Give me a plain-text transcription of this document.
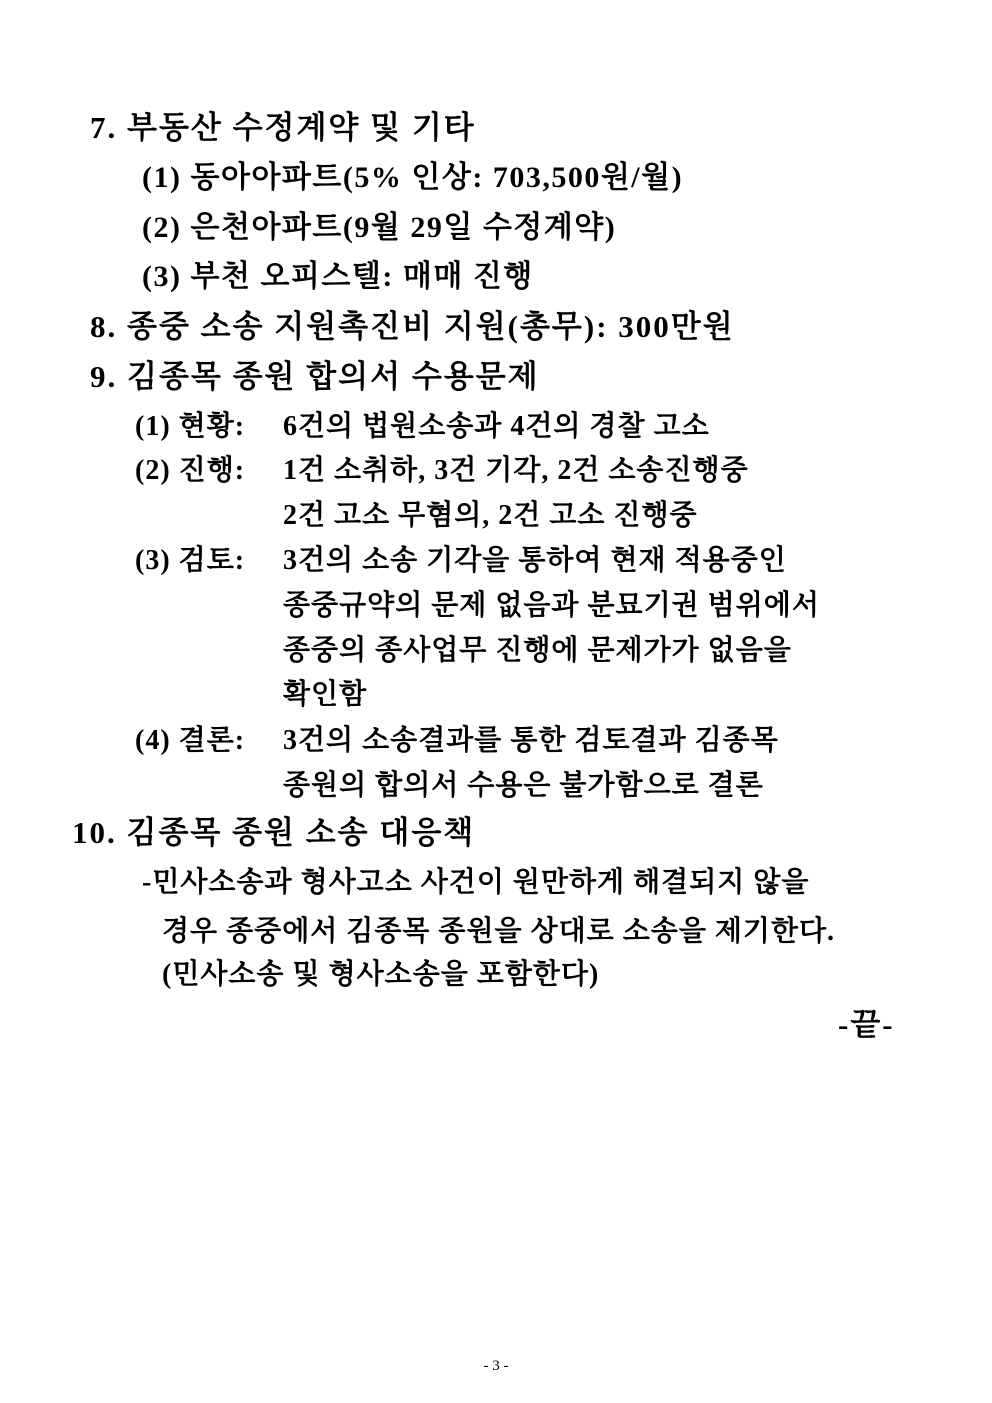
7. 부동산 수정계약 및 기타
(1) 동아아파트(5% 인상: 703,500원/월)
(2) 은천아파트(9월 29일 수정계약)
(3) 부천 오피스텔: 매매 진행
8. 종중 소송 지원촉진비 지원(총무): 300만원
9. 김종목 종원 합의서 수용문제
(1) 현황: 6건의 법원소송과 4건의 경찰 고소
(2) 진행: 1건 소취하, 3건 기각, 2건 소송진행중
2건 고소 무혐의, 2건 고소 진행중
(3) 검토: 3건의 소송 기각을 통하여 현재 적용중인
종중규약의 문제 없음과 분묘기권 범위에서
종중의 종사업무 진행에 문제가가 없음을
확인함
(4) 결론: 3건의 소송결과를 통한 검토결과 김종목
종원의 합의서 수용은 불가함으로 결론
10. 김종목 종원 소송 대응책
-민사소송과 형사고소 사건이 원만하게 해결되지 않을
경우 종중에서 김종목 종원을 상대로 소송을 제기한다.
(민사소송 및 형사소송을 포함한다)
-끝-
- 3 -
